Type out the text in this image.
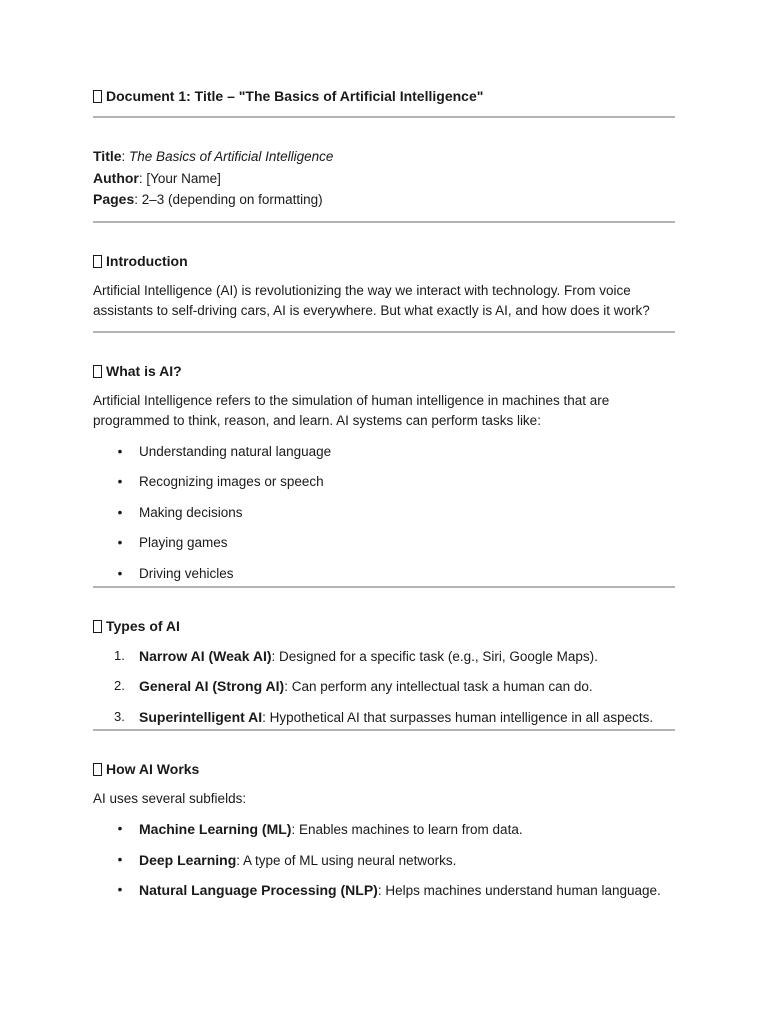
Document 1: Title – "The Basics of Artificial Intelligence"
Title: The Basics of Artificial Intelligence
Author: [Your Name]
Pages: 2–3 (depending on formatting)
Introduction

Artificial Intelligence (AI) is revolutionizing the way we interact with technology. From voice assistants to self-driving cars, AI is everywhere. But what exactly is AI, and how does it work?

What is AI?

Artificial Intelligence refers to the simulation of human intelligence in machines that are programmed to think, reason, and learn. AI systems can perform tasks like:

• Understanding natural language
• Recognizing images or speech
• Making decisions
• Playing games
• Driving vehicles
Types of AI
1. Narrow AI (Weak AI): Designed for a specific task (e.g., Siri, Google Maps).
2. General AI (Strong AI): Can perform any intellectual task a human can do.
3. Superintelligent AI: Hypothetical AI that surpasses human intelligence in all aspects.
How AI Works

AI uses several subfields:

• Machine Learning (ML): Enables machines to learn from data.
• Deep Learning: A type of ML using neural networks.
• Natural Language Processing (NLP): Helps machines understand human language.
